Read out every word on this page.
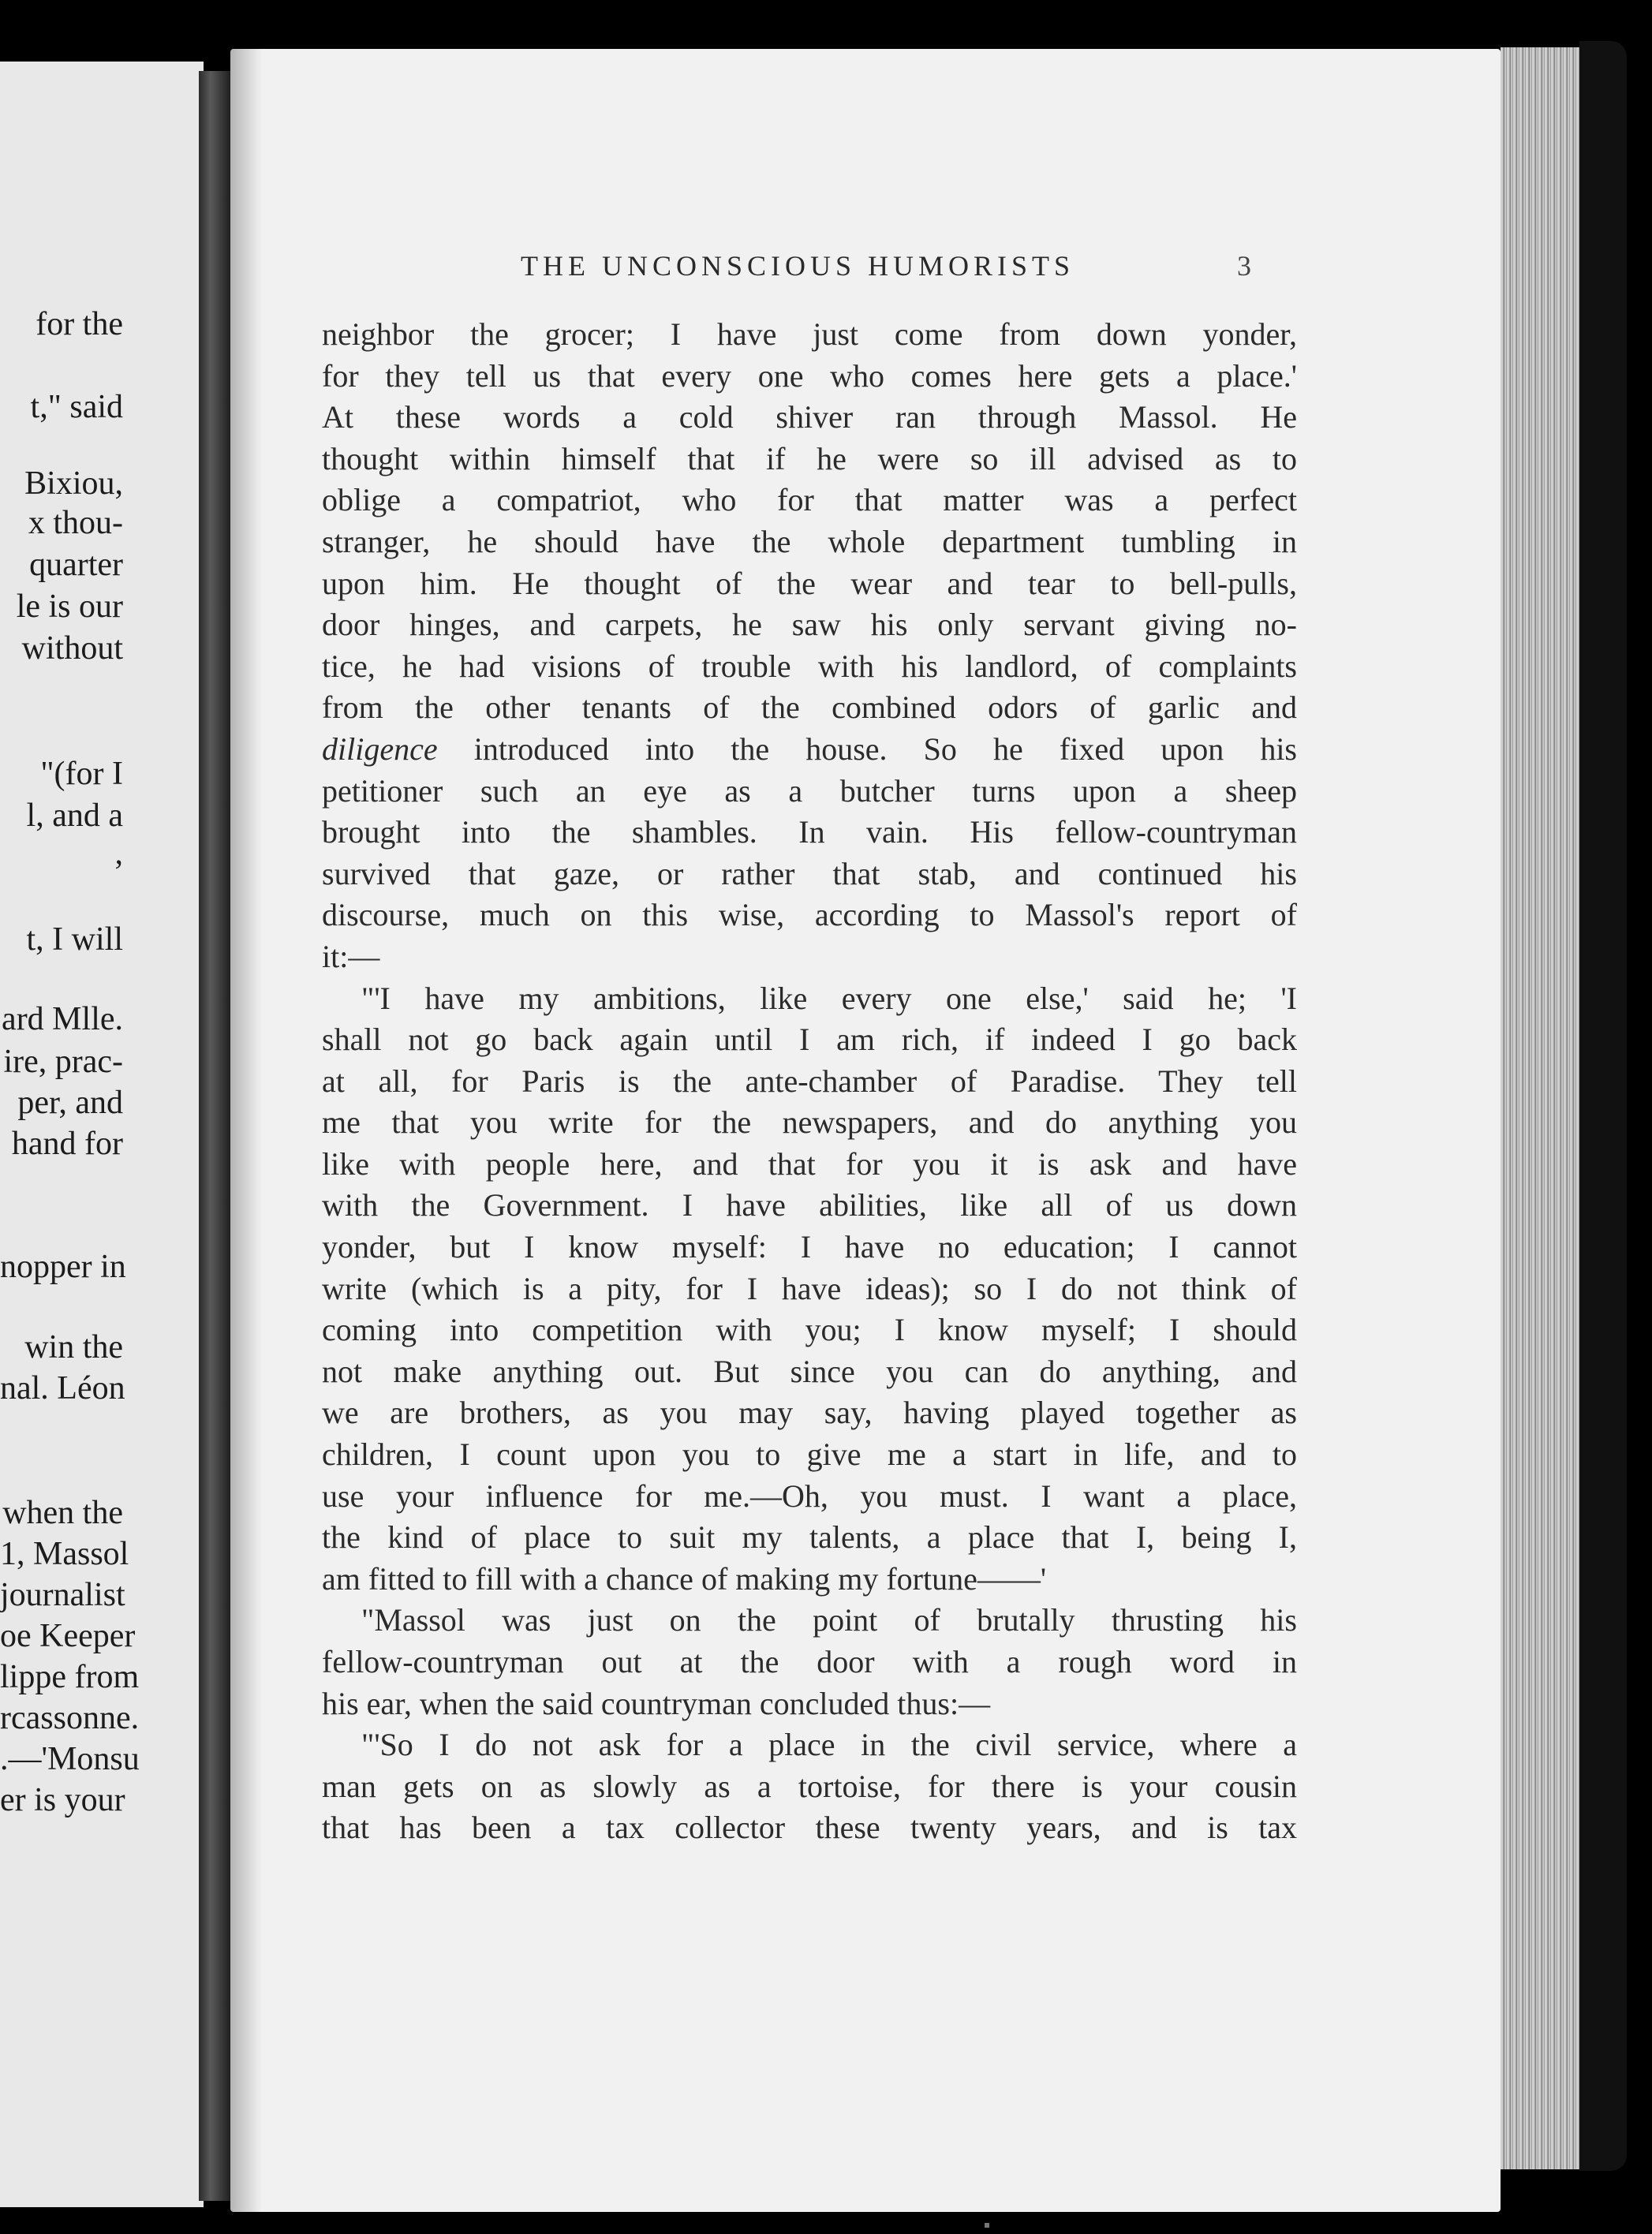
for the
t," said
Bixiou,
x thou-
quarter
le is our
without
"(for I
l, and a
,
t, I will
ard Mlle.
ire, prac-
per, and
hand for
nopper in
win the
nal. Léon
when the
1, Massol
journalist
oe Keeper
lippe from
rcassonne.
.—'Monsu
er is your
THE UNCONSCIOUS HUMORISTS	3
neighbor the grocer; I have just come from down yonder,
for they tell us that every one who comes here gets a place.'
At these words a cold shiver ran through Massol. He
thought within himself that if he were so ill advised as to
oblige a compatriot, who for that matter was a perfect
stranger, he should have the whole department tumbling in
upon him. He thought of the wear and tear to bell-pulls,
door hinges, and carpets, he saw his only servant giving no-
tice, he had visions of trouble with his landlord, of complaints
from the other tenants of the combined odors of garlic and
diligence introduced into the house. So he fixed upon his
petitioner such an eye as a butcher turns upon a sheep
brought into the shambles. In vain. His fellow-countryman
survived that gaze, or rather that stab, and continued his
discourse, much on this wise, according to Massol's report of
it:—
"'I have my ambitions, like every one else,' said he; 'I
shall not go back again until I am rich, if indeed I go back
at all, for Paris is the ante-chamber of Paradise. They tell
me that you write for the newspapers, and do anything you
like with people here, and that for you it is ask and have
with the Government. I have abilities, like all of us down
yonder, but I know myself: I have no education; I cannot
write (which is a pity, for I have ideas); so I do not think of
coming into competition with you; I know myself; I should
not make anything out. But since you can do anything, and
we are brothers, as you may say, having played together as
children, I count upon you to give me a start in life, and to
use your influence for me.—Oh, you must. I want a place,
the kind of place to suit my talents, a place that I, being I,
am fitted to fill with a chance of making my fortune——'
"Massol was just on the point of brutally thrusting his
fellow-countryman out at the door with a rough word in
his ear, when the said countryman concluded thus:—
"'So I do not ask for a place in the civil service, where a
man gets on as slowly as a tortoise, for there is your cousin
that has been a tax collector these twenty years, and is tax
